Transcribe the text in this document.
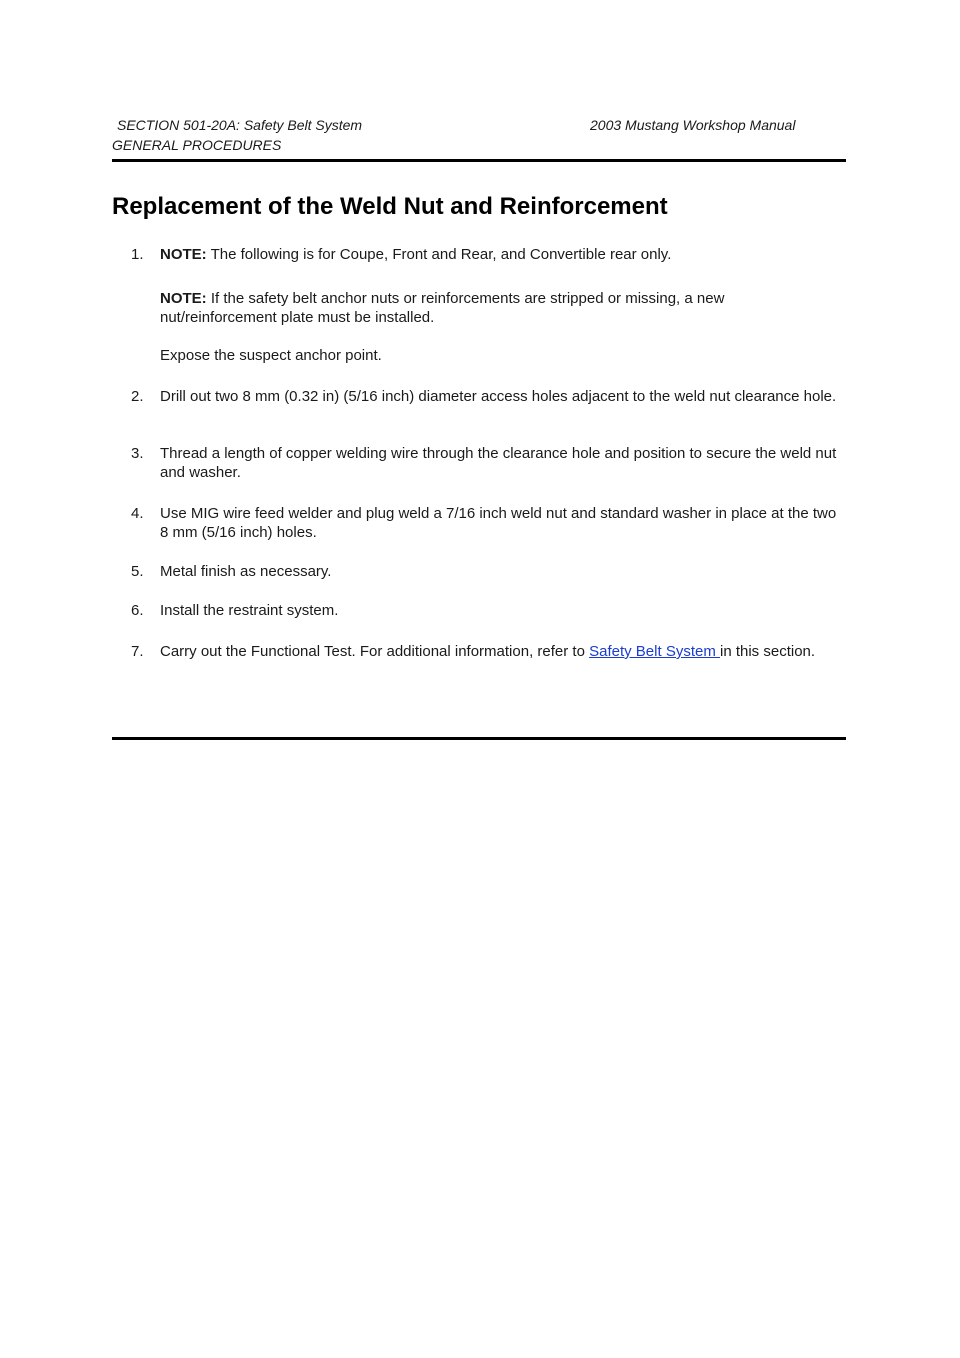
SECTION 501-20A: Safety Belt System	2003 Mustang Workshop Manual
GENERAL PROCEDURES
Replacement of the Weld Nut and Reinforcement
1. NOTE: The following is for Coupe, Front and Rear, and Convertible rear only.
NOTE: If the safety belt anchor nuts or reinforcements are stripped or missing, a new nut/reinforcement plate must be installed.
Expose the suspect anchor point.
2. Drill out two 8 mm (0.32 in) (5/16 inch) diameter access holes adjacent to the weld nut clearance hole.
3. Thread a length of copper welding wire through the clearance hole and position to secure the weld nut and washer.
4. Use MIG wire feed welder and plug weld a 7/16 inch weld nut and standard washer in place at the two 8 mm (5/16 inch) holes.
5. Metal finish as necessary.
6. Install the restraint system.
7. Carry out the Functional Test. For additional information, refer to Safety Belt System in this section.
